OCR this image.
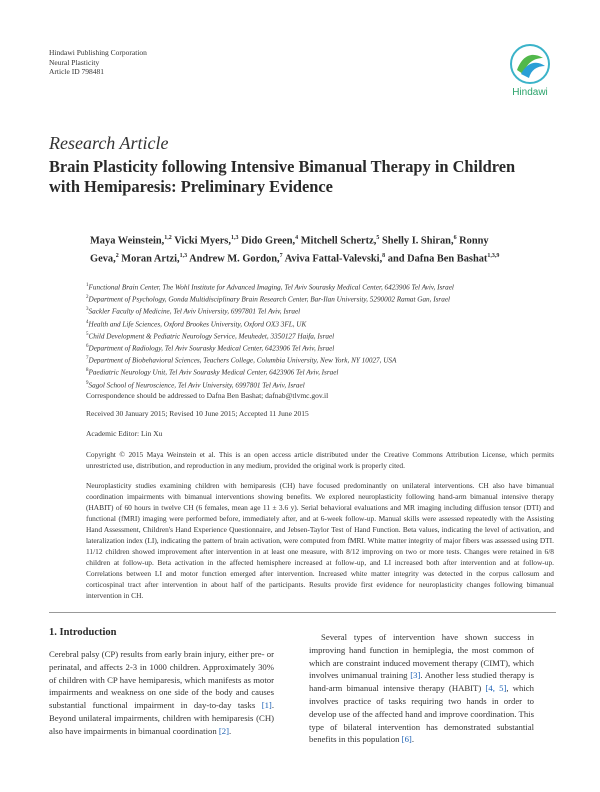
Hindawi Publishing Corporation
Neural Plasticity
Article ID 798481
Hindawi
Research Article
Brain Plasticity following Intensive Bimanual Therapy in Children with Hemiparesis: Preliminary Evidence
Maya Weinstein,$^{1,2}$ Vicki Myers,$^{1,3}$ Dido Green,$^4$ Mitchell Schertz,$^5$ Shelly I. Shiran,$^6$ Ronny Geva,$^2$ Moran Artzi,$^{1,3}$ Andrew M. Gordon,$^7$ Aviva Fattal-Valevski,$^8$ and Dafna Ben Bashat$^{1,3,9}$
$^1$Functional Brain Center, The Wohl Institute for Advanced Imaging, Tel Aviv Sourasky Medical Center, 6423906 Tel Aviv, Israel
$^2$Department of Psychology, Gonda Multidisciplinary Brain Research Center, Bar-Ilan University, 5290002 Ramat Gan, Israel
$^3$Sackler Faculty of Medicine, Tel Aviv University, 6997801 Tel Aviv, Israel
$^4$Health and Life Sciences, Oxford Brookes University, Oxford OX3 3FL, UK
$^5$Child Development & Pediatric Neurology Service, Meuhedet, 3350127 Haifa, Israel
$^6$Department of Radiology, Tel Aviv Sourasky Medical Center, 6423906 Tel Aviv, Israel
$^7$Department of Biobehavioral Sciences, Teachers College, Columbia University, New York, NY 10027, USA
$^8$Paediatric Neurology Unit, Tel Aviv Sourasky Medical Center, 6423906 Tel Aviv, Israel
$^9$Sagol School of Neuroscience, Tel Aviv University, 6997801 Tel Aviv, Israel
Correspondence should be addressed to Dafna Ben Bashat; dafnab@tlvmc.gov.il
Received 30 January 2015; Revised 10 June 2015; Accepted 11 June 2015
Academic Editor: Lin Xu
Copyright © 2015 Maya Weinstein et al. This is an open access article distributed under the Creative Commons Attribution License, which permits unrestricted use, distribution, and reproduction in any medium, provided the original work is properly cited.
Neuroplasticity studies examining children with hemiparesis (CH) have focused predominantly on unilateral interventions. CH also have bimanual coordination impairments with bimanual interventions showing benefits. We explored neuroplasticity following hand-arm bimanual intensive therapy (HABIT) of 60 hours in twelve CH (6 females, mean age 11 ± 3.6 y). Serial behavioral evaluations and MR imaging including diffusion tensor (DTI) and functional (fMRI) imaging were performed before, immediately after, and at 6-week follow-up. Manual skills were assessed repeatedly with the Assisting Hand Assessment, Children's Hand Experience Questionnaire, and Jebsen-Taylor Test of Hand Function. Beta values, indicating the level of activation, and lateralization index (LI), indicating the pattern of brain activation, were computed from fMRI. White matter integrity of major fibers was assessed using DTI. 11/12 children showed improvement after intervention in at least one measure, with 8/12 improving on two or more tests. Changes were retained in 6/8 children at follow-up. Beta activation in the affected hemisphere increased at follow-up, and LI increased both after intervention and at follow-up. Correlations between LI and motor function emerged after intervention. Increased white matter integrity was detected in the corpus callosum and corticospinal tract after intervention in about half of the participants. Results provide first evidence for neuroplasticity changes following bimanual intervention in CH.
1. Introduction
Cerebral palsy (CP) results from early brain injury, either pre- or perinatal, and affects 2-3 in 1000 children. Approximately 30% of children with CP have hemiparesis, which manifests as motor impairments and weakness on one side of the body and causes substantial functional impairment in day-to-day tasks [1]. Beyond unilateral impairments, children with hemiparesis (CH) also have impairments in bimanual coordination [2].
Several types of intervention have shown success in improving hand function in hemiplegia, the most common of which are constraint induced movement therapy (CIMT), which involves unimanual training [3]. Another less studied therapy is hand-arm bimanual intensive therapy (HABIT) [4, 5], which involves practice of tasks requiring two hands in order to develop use of the affected hand and improve coordination. This type of bilateral intervention has demonstrated substantial benefits in this population [6].
